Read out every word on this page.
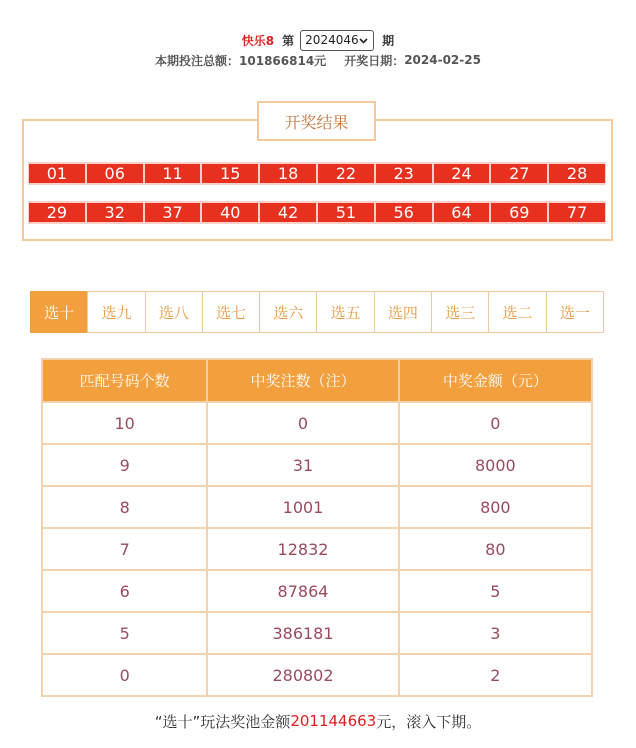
快乐8 第 2024046 期
本期投注总额： 101866814元 开奖日期： 2024-02-25
开奖结果
01	06	11	15	18	22	23	24	27	28
29	32	37	40	42	51	56	64	69	77
选十	选九	选八	选七	选六	选五	选四	选三	选二	选一
匹配号码个数	中奖注数（注）	中奖金额（元）
10	0	0
9	31	8000
8	1001	800
7	12832	80
6	87864	5
5	386181	3
0	280802	2
“选十”玩法奖池金额 201144663 元，滚入下期。
